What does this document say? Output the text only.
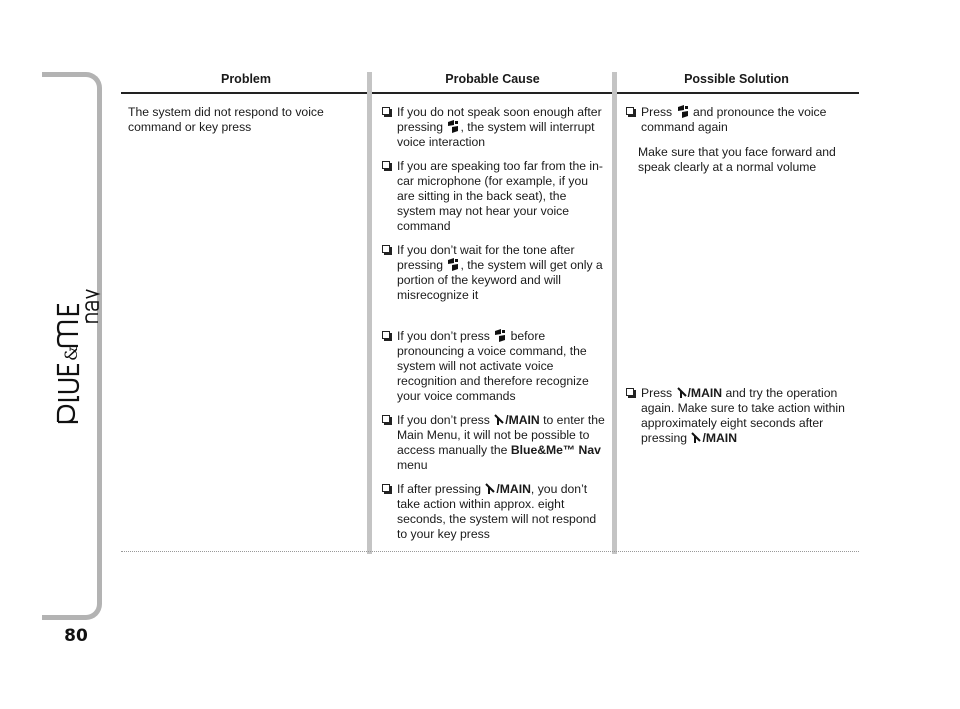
&
80
Problem	Probable Cause	Possible Solution

The system did not respond to voice command or key press

If you do not speak soon enough after pressing , the system will interrupt voice interaction

If you are speaking too far from the in-car microphone (for example, if you are sitting in the back seat), the system may not hear your voice command

If you don’t wait for the tone after pressing , the system will get only a portion of the keyword and will misrecognize it

If you don’t press before pronouncing a voice command, the system will not activate voice recognition and therefore recognize your voice commands

If you don’t press /MAIN to enter the Main Menu, it will not be possible to access manually the Blue&Me™ Nav menu

If after pressing /MAIN, you don’t take action within approx. eight seconds, the system will not respond to your key press

Press and pronounce the voice command again

Make sure that you face forward and speak clearly at a normal volume

Press /MAIN and try the operation again. Make sure to take action within approximately eight seconds after pressing /MAIN
